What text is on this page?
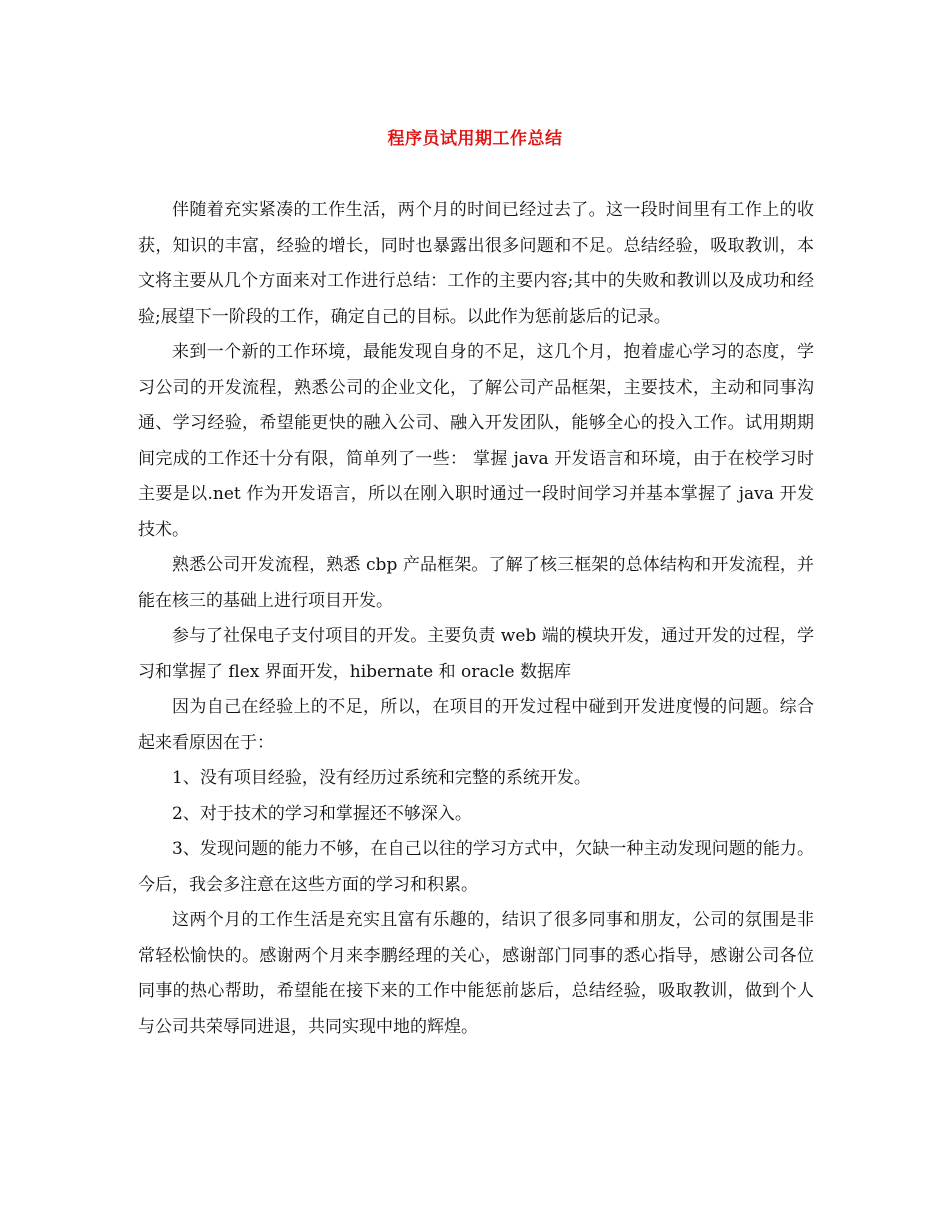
程序员试用期工作总结

伴随着充实紧凑的工作生活，两个月的时间已经过去了。这一段时间里有工作上的收获，知识的丰富，经验的增长，同时也暴露出很多问题和不足。总结经验，吸取教训，本文将主要从几个方面来对工作进行总结：工作的主要内容;其中的失败和教训以及成功和经验;展望下一阶段的工作，确定自己的目标。以此作为惩前毖后的记录。

来到一个新的工作环境，最能发现自身的不足，这几个月，抱着虚心学习的态度，学习公司的开发流程，熟悉公司的企业文化，了解公司产品框架，主要技术，主动和同事沟通、学习经验，希望能更快的融入公司、融入开发团队，能够全心的投入工作。试用期期间完成的工作还十分有限，简单列了一些： 掌握 java 开发语言和环境，由于在校学习时主要是以.net 作为开发语言，所以在刚入职时通过一段时间学习并基本掌握了 java 开发技术。

熟悉公司开发流程，熟悉 cbp 产品框架。了解了核三框架的总体结构和开发流程，并能在核三的基础上进行项目开发。

参与了社保电子支付项目的开发。主要负责 web 端的模块开发，通过开发的过程，学习和掌握了 flex 界面开发，hibernate 和 oracle 数据库

因为自己在经验上的不足，所以，在项目的开发过程中碰到开发进度慢的问题。综合起来看原因在于：

1、没有项目经验，没有经历过系统和完整的系统开发。

2、对于技术的学习和掌握还不够深入。

3、发现问题的能力不够，在自己以往的学习方式中，欠缺一种主动发现问题的能力。今后，我会多注意在这些方面的学习和积累。

这两个月的工作生活是充实且富有乐趣的，结识了很多同事和朋友，公司的氛围是非常轻松愉快的。感谢两个月来李鹏经理的关心，感谢部门同事的悉心指导，感谢公司各位同事的热心帮助，希望能在接下来的工作中能惩前毖后，总结经验，吸取教训，做到个人与公司共荣辱同进退，共同实现中地的辉煌。
